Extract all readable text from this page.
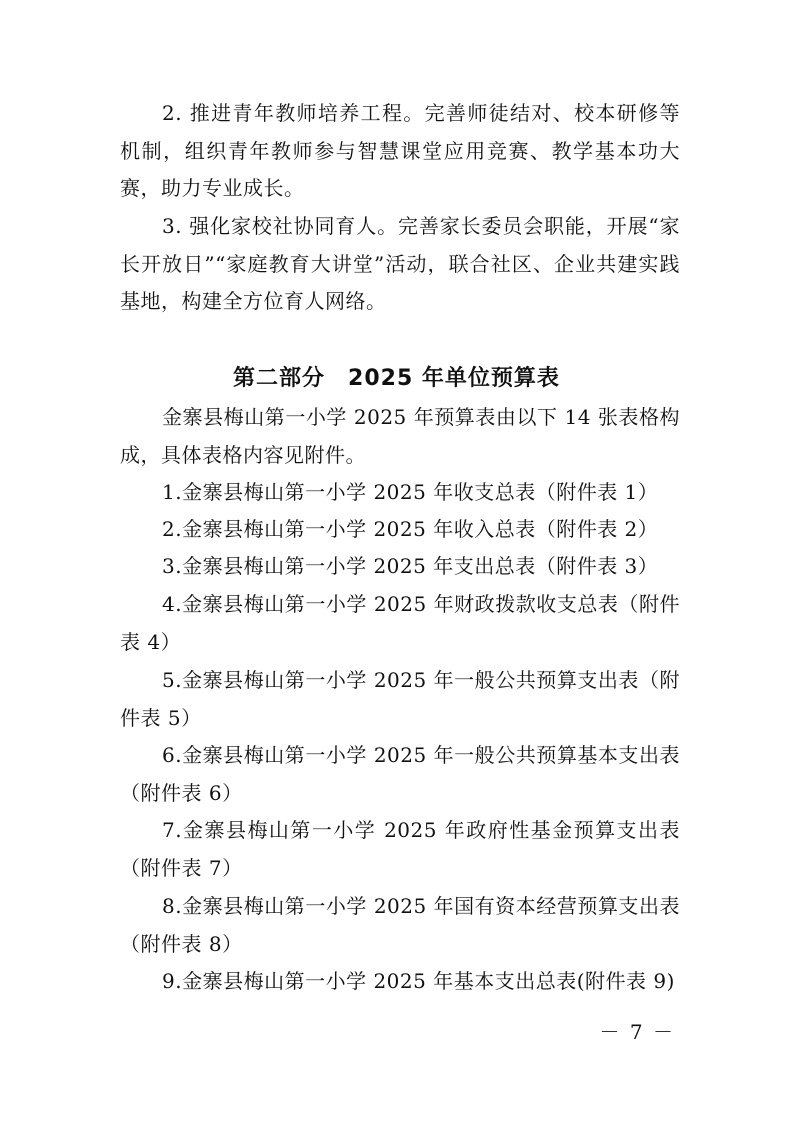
2. 推进青年教师培养工程。完善师徒结对、校本研修等机制，组织青年教师参与智慧课堂应用竞赛、教学基本功大赛，助力专业成长。

3. 强化家校社协同育人。完善家长委员会职能，开展“家长开放日”“家庭教育大讲堂”活动，联合社区、企业共建实践基地，构建全方位育人网络。

第二部分　2025 年单位预算表

金寨县梅山第一小学 2025 年预算表由以下 14 张表格构成，具体表格内容见附件。

1.金寨县梅山第一小学 2025 年收支总表（附件表 1）

2.金寨县梅山第一小学 2025 年收入总表（附件表 2）

3.金寨县梅山第一小学 2025 年支出总表（附件表 3）

4.金寨县梅山第一小学 2025 年财政拨款收支总表（附件表 4）

5.金寨县梅山第一小学 2025 年一般公共预算支出表（附件表 5）

6.金寨县梅山第一小学 2025 年一般公共预算基本支出表（附件表 6）

7.金寨县梅山第一小学 2025 年政府性基金预算支出表（附件表 7）

8.金寨县梅山第一小学 2025 年国有资本经营预算支出表（附件表 8）

9.金寨县梅山第一小学 2025 年基本支出总表(附件表 9)

－ 7 －
